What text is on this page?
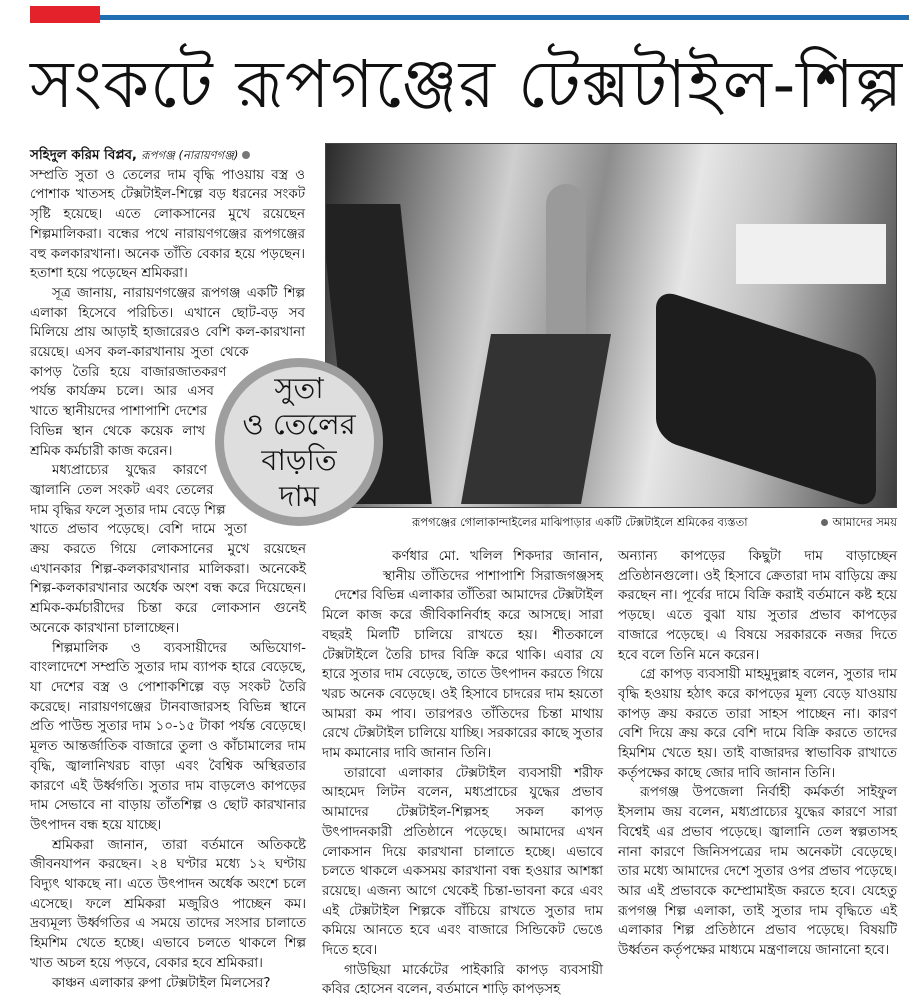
সংকটে রূপগঞ্জের টেক্সটাইল-শিল্প

সহিদুল করিম বিপ্লব, রূপগঞ্জ (নারায়ণগঞ্জ)

সম্প্রতি সুতা ও তেলের দাম বৃদ্ধি পাওয়ায় বস্ত্র ও পোশাক খাতসহ টেক্সটাইল-শিল্পে বড় ধরনের সংকট সৃষ্টি হয়েছে। এতে লোকসানের মুখে রয়েছেন শিল্পমালিকরা। বন্ধের পথে নারায়ণগঞ্জের রূপগঞ্জের বহু কলকারখানা। অনেক তাঁতি বেকার হয়ে পড়ছেন। হতাশা হয়ে পড়েছেন শ্রমিকরা।

সূত্র জানায়, নারায়ণগঞ্জের রূপগঞ্জ একটি শিল্প এলাকা হিসেবে পরিচিত। এখানে ছোট-বড় সব মিলিয়ে প্রায় আড়াই হাজারেরও বেশি কল-কারখানা রয়েছে। এসব কল-কারখানায় সুতা থেকে কাপড় তৈরি হয়ে বাজারজাতকরণ পর্যন্ত কার্যক্রম চলে। আর এসব খাতে স্থানীয়দের পাশাপাশি দেশের বিভিন্ন স্থান থেকে কয়েক লাখ শ্রমিক কর্মচারী কাজ করেন।

মধ্যপ্রাচ্যের যুদ্ধের কারণে জ্বালানি তেল সংকট এবং তেলের দাম বৃদ্ধির ফলে সুতার দাম বেড়ে শিল্প খাতে প্রভাব পড়েছে। বেশি দামে সুতা ক্রয় করতে গিয়ে লোকসানের মুখে রয়েছেন এখানকার শিল্প-কলকারখানার মালিকরা। অনেকেই শিল্প-কলকারখানার অর্ধেক অংশ বন্ধ করে দিয়েছেন। শ্রমিক-কর্মচারীদের চিন্তা করে লোকসান গুনেই অনেকে কারখানা চালাচ্ছেন।

শিল্পমালিক ও ব্যবসায়ীদের অভিযোগ- বাংলাদেশে সম্প্রতি সুতার দাম ব্যাপক হারে বেড়েছে, যা দেশের বস্ত্র ও পোশাকশিল্পে বড় সংকট তৈরি করেছে। নারায়ণগঞ্জের টানবাজারসহ বিভিন্ন স্থানে প্রতি পাউন্ড সুতার দাম ১০-১৫ টাকা পর্যন্ত বেড়েছে। মূলত আন্তর্জাতিক বাজারে তুলা ও কাঁচামালের দাম বৃদ্ধি, জ্বালানিখরচ বাড়া এবং বৈশ্বিক অস্থিরতার কারণে এই উর্ধ্বগতি। সুতার দাম বাড়লেও কাপড়ের দাম সেভাবে না বাড়ায় তাঁতশিল্প ও ছোট কারখানার উৎপাদন বন্ধ হয়ে যাচ্ছে।

শ্রমিকরা জানান, তারা বর্তমানে অতিকষ্টে জীবনযাপন করছেন। ২৪ ঘণ্টার মধ্যে ১২ ঘণ্টায় বিদ্যুৎ থাকছে না। এতে উৎপাদন অর্ধেক অংশে চলে এসেছে। ফলে শ্রমিকরা মজুরিও পাচ্ছেন কম। দ্রব্যমূল্য উর্ধ্বগতির এ সময়ে তাদের সংসার চালাতে হিমশিম খেতে হচ্ছে। এভাবে চলতে থাকলে শিল্প খাত অচল হয়ে পড়বে, বেকার হবে শ্রমিকরা।

কাঞ্চন এলাকার রুপা টেক্সটাইল মিলসের?

সুতা
ও তেলের
বাড়তি
দাম
রূপগঞ্জের গোলাকান্দাইলের মাঝিপাড়ার একটি টেক্সটাইলে শ্রমিকের ব্যস্ততা	আমাদের সময়

কর্ণধার মো. খলিল শিকদার জানান, স্থানীয় তাঁতিদের পাশাপাশি সিরাজগঞ্জসহ দেশের বিভিন্ন এলাকার তাঁতিরা আমাদের টেক্সটাইল মিলে কাজ করে জীবিকানির্বাহ করে আসছে। সারা বছরই মিলটি চালিয়ে রাখতে হয়। শীতকালে টেক্সটাইলে তৈরি চাদর বিক্রি করে থাকি। এবার যে হারে সুতার দাম বেড়েছে, তাতে উৎপাদন করতে গিয়ে খরচ অনেক বেড়েছে। ওই হিসাবে চাদরের দাম হয়তো আমরা কম পাব। তারপরও তাঁতিদের চিন্তা মাথায় রেখে টেক্সটাইল চালিয়ে যাচ্ছি। সরকারের কাছে সুতার দাম কমানোর দাবি জানান তিনি।

তারাবো এলাকার টেক্সটাইল ব্যবসায়ী শরীফ আহমেদ লিটন বলেন, মধ্যপ্রাচের যুদ্ধের প্রভাব আমাদের টেক্সটাইল-শিল্পসহ সকল কাপড় উৎপাদনকারী প্রতিষ্ঠানে পড়েছে। আমাদের এখন লোকসান দিয়ে কারখানা চালাতে হচ্ছে। এভাবে চলতে থাকলে একসময় কারখানা বন্ধ হওয়ার আশঙ্কা রয়েছে। এজন্য আগে থেকেই চিন্তা-ভাবনা করে এবং এই টেক্সটাইল শিল্পকে বাঁচিয়ে রাখতে সুতার দাম কমিয়ে আনতে হবে এবং বাজারে সিন্ডিকেট ভেঙে দিতে হবে।

গাউছিয়া মার্কেটের পাইকারি কাপড় ব্যবসায়ী কবির হোসেন বলেন, বর্তমানে শাড়ি কাপড়সহ

অন্যান্য কাপড়ের কিছুটা দাম বাড়াচ্ছেন প্রতিষ্ঠানগুলো। ওই হিসাবে ক্রেতারা দাম বাড়িয়ে ক্রয় করছেন না। পূর্বের দামে বিক্রি করাই বর্তমানে কষ্ট হয়ে পড়ছে। এতে বুঝা যায় সুতার প্রভাব কাপড়ের বাজারে পড়েছে। এ বিষয়ে সরকারকে নজর দিতে হবে বলে তিনি মনে করেন।

গ্রে কাপড় ব্যবসায়ী মাহমুদুল্লাহ বলেন, সুতার দাম বৃদ্ধি হওয়ায় হঠাৎ করে কাপড়ের মূল্য বেড়ে যাওয়ায় কাপড় ক্রয় করতে তারা সাহস পাচ্ছেন না। কারণ বেশি দিয়ে ক্রয় করে বেশি দামে বিক্রি করতে তাদের হিমশিম খেতে হয়। তাই বাজারদর স্বাভাবিক রাখাতে কর্তৃপক্ষের কাছে জোর দাবি জানান তিনি।

রূপগঞ্জ উপজেলা নির্বাহী কর্মকর্তা সাইফুল ইসলাম জয় বলেন, মধ্যপ্রাচ্যের যুদ্ধের কারণে সারা বিশ্বেই এর প্রভাব পড়েছে। জ্বালানি তেল স্বল্পতাসহ নানা কারণে জিনিসপত্রের দাম অনেকটা বেড়েছে। তার মধ্যে আমাদের দেশে সুতার ওপর প্রভাব পড়েছে। আর এই প্রভাবকে কম্প্রোমাইজ করতে হবে। যেহেতু রূপগঞ্জ শিল্প এলাকা, তাই সুতার দাম বৃদ্ধিতে এই এলাকার শিল্প প্রতিষ্ঠানে প্রভাব পড়েছে। বিষয়টি উর্ধ্বতন কর্তৃপক্ষের মাধ্যমে মন্ত্রণালয়ে জানানো হবে।
